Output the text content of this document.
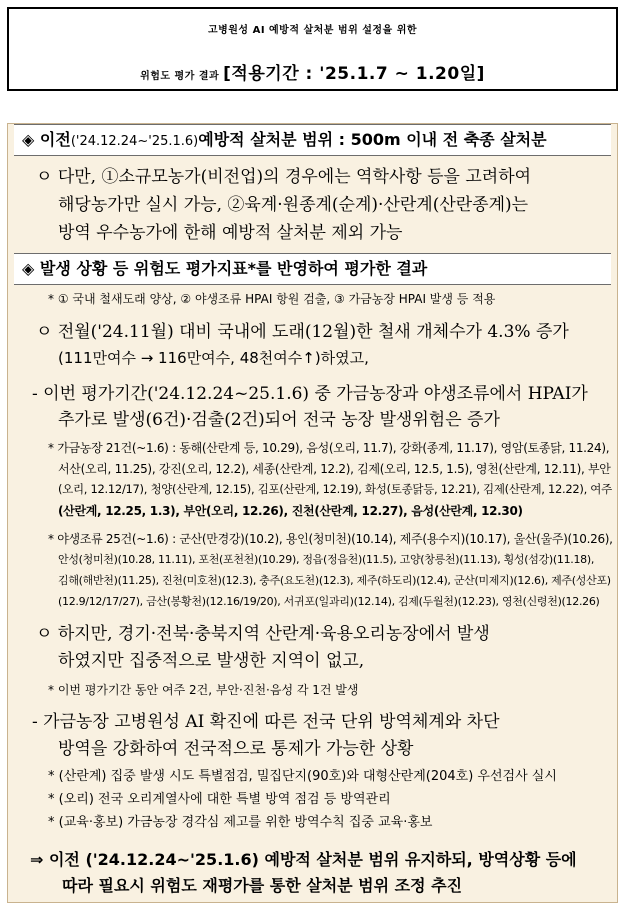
고병원성 AI 예방적 살처분 범위 설정을 위한
위험도 평가 결과 [적용기간 : '25.1.7 ~ 1.20일]
◈ 이전('24.12.24~'25.1.6)예방적 살처분 범위 : 500m 이내 전 축종 살처분
ㅇ 다만, ①소규모농가(비전업)의 경우에는 역학사항 등을 고려하여
해당농가만 실시 가능, ②육계·원종계(순계)·산란계(산란종계)는
방역 우수농가에 한해 예방적 살처분 제외 가능
◈ 발생 상황 등 위험도 평가지표*를 반영하여 평가한 결과
* ① 국내 철새도래 양상, ② 야생조류 HPAI 항원 검출, ③ 가금농장 HPAI 발생 등 적용
ㅇ 전월('24.11월) 대비 국내에 도래(12월)한 철새 개체수가 4.3% 증가
(111만여수 → 116만여수, 48천여수↑)하였고,
- 이번 평가기간('24.12.24~25.1.6) 중 가금농장과 야생조류에서 HPAI가
추가로 발생(6건)·검출(2건)되어 전국 농장 발생위험은 증가
* 가금농장 21건(~1.6) : 동해(산란계 등, 10.29), 음성(오리, 11.7), 강화(종계, 11.17), 영암(토종닭, 11.24),
서산(오리, 11.25), 강진(오리, 12.2), 세종(산란계, 12.2), 김제(오리, 12.5, 1.5), 영천(산란계, 12.11), 부안
(오리, 12.12/17), 청양(산란계, 12.15), 김포(산란계, 12.19), 화성(토종닭등, 12.21), 김제(산란계, 12.22), 여주
(산란계, 12.25, 1.3), 부안(오리, 12.26), 진천(산란계, 12.27), 음성(산란계, 12.30)
* 야생조류 25건(~1.6) : 군산(만경강)(10.2), 용인(청미천)(10.14), 제주(용수지)(10.17), 울산(울주)(10.26),
안성(청미천)(10.28, 11.11), 포천(포천천)(10.29), 정읍(정읍천)(11.5), 고양(창릉천)(11.13), 횡성(섬강)(11.18),
김해(해반천)(11.25), 진천(미호천)(12.3), 충주(요도천)(12.3), 제주(하도리)(12.4), 군산(미제지)(12.6), 제주(성산포)
(12.9/12/17/27), 금산(봉황천)(12.16/19/20), 서귀포(일과리)(12.14), 김제(두월천)(12.23), 영천(신령천)(12.26)
ㅇ 하지만, 경기·전북·충북지역 산란계·육용오리농장에서 발생
하였지만 집중적으로 발생한 지역이 없고,
* 이번 평가기간 동안 여주 2건, 부안·진천·음성 각 1건 발생
- 가금농장 고병원성 AI 확진에 따른 전국 단위 방역체계와 차단
방역을 강화하여 전국적으로 통제가 가능한 상황
* (산란계) 집중 발생 시도 특별점검, 밀집단지(90호)와 대형산란계(204호) 우선검사 실시
* (오리) 전국 오리계열사에 대한 특별 방역 점검 등 방역관리
* (교육·홍보) 가금농장 경각심 제고를 위한 방역수칙 집중 교육·홍보
⇒ 이전 ('24.12.24~'25.1.6) 예방적 살처분 범위 유지하되, 방역상황 등에
따라 필요시 위험도 재평가를 통한 살처분 범위 조정 추진
